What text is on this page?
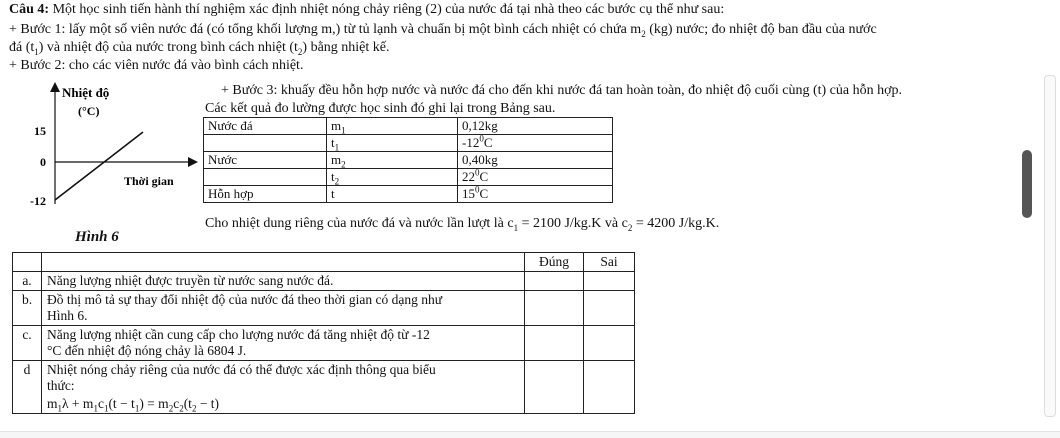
Câu 4: Một học sinh tiến hành thí nghiệm xác định nhiệt nóng chảy riêng (2) của nước đá tại nhà theo các bước cụ thể như sau:
+ Bước 1: lấy một số viên nước đá (có tổng khối lượng m,) từ tủ lạnh và chuẩn bị một bình cách nhiệt có chứa $m_2$ (kg) nước; đo nhiệt độ ban đầu của nước
đá $(t_1)$ và nhiệt độ của nước trong bình cách nhiệt $(t_2)$ bằng nhiệt kế.
+ Bước 2: cho các viên nước đá vào bình cách nhiệt.
+ Bước 3: khuấy đều hỗn hợp nước và nước đá cho đến khi nước đá tan hoàn toàn, đo nhiệt độ cuối cùng (t) của hỗn hợp.
Các kết quả đo lường được học sinh đó ghi lại trong Bảng sau.
Nhiệt độ
(°C)
15
0
-12
Thời gian
Hình 6
Nước đá	$m_1$	0,12kg
	$t_1$	$-12^0C$
Nước	$m_2$	0,40kg
	$t_2$	$22^0C$
Hỗn hợp	t	$15^0C$
Cho nhiệt dung riêng của nước đá và nước lần lượt là $c_1 = 2100$ J/kg.K và $c_2 = 4200$ J/kg.K.
		Đúng	Sai
a.	Năng lượng nhiệt được truyền từ nước sang nước đá.		
b.	Đồ thị mô tả sự thay đổi nhiệt độ của nước đá theo thời gian có dạng như
Hình 6.		

c.	Năng lượng nhiệt cần cung cấp cho lượng nước đá tăng nhiệt độ từ -12
°C đến nhiệt độ nóng chảy là 6804 J.		

d	Nhiệt nóng chảy riêng của nước đá có thể được xác định thông qua biểu
thức:
$m_1\lambda + m_1c_1(t - t_1) = m_2c_2(t_2 - t)$		
